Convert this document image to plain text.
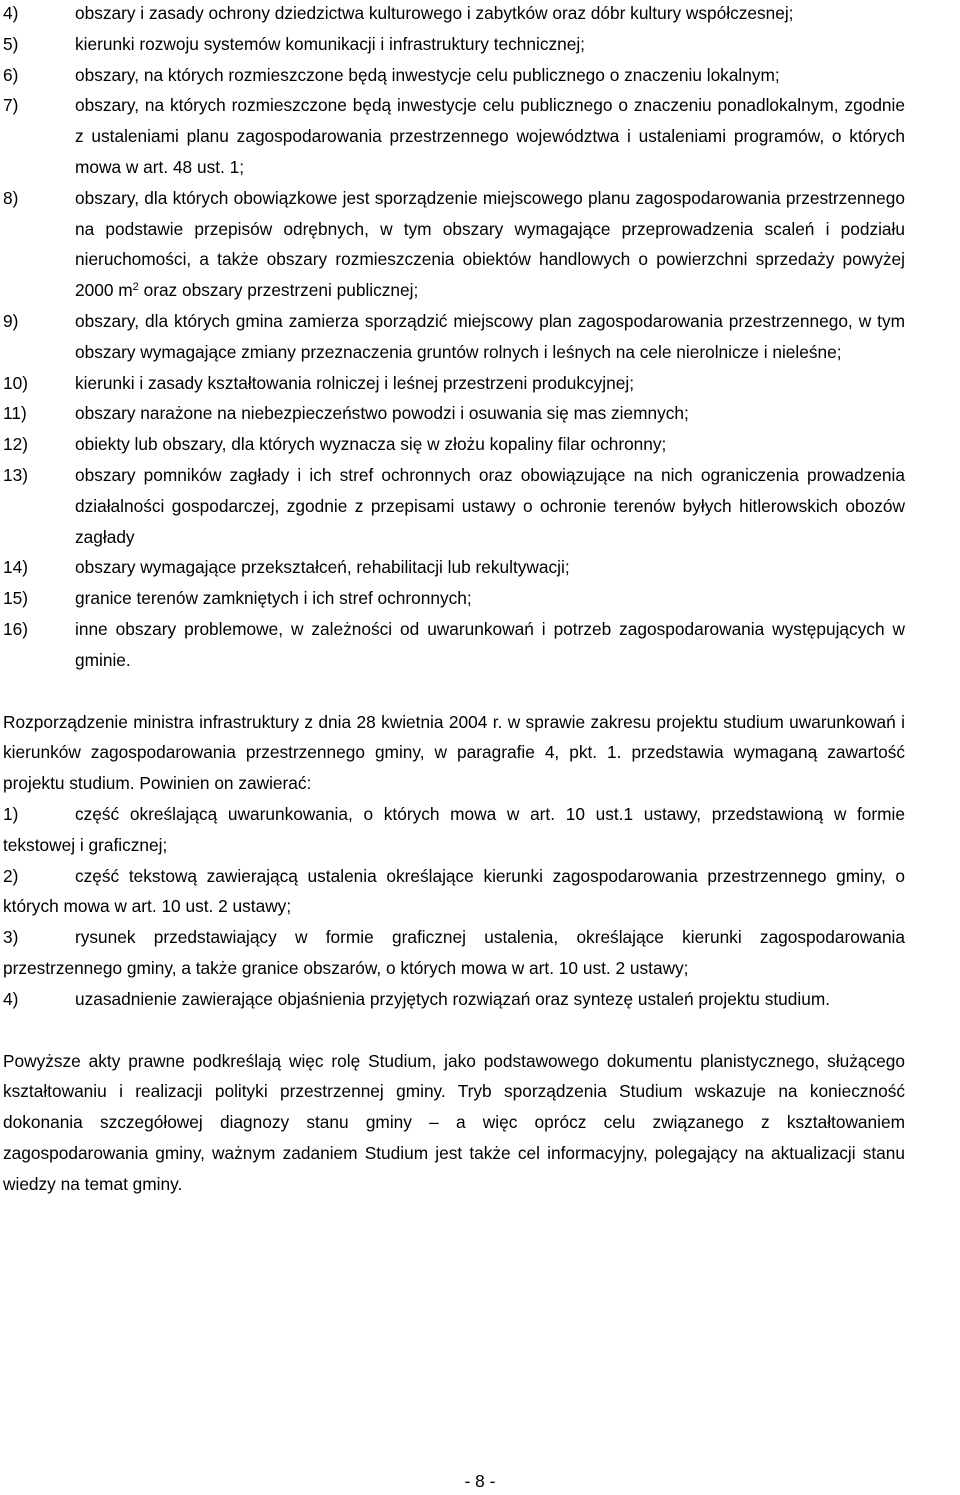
4)	obszary i zasady ochrony dziedzictwa kulturowego i zabytków oraz dóbr kultury współczesnej;
5)	kierunki rozwoju systemów komunikacji i infrastruktury technicznej;
6)	obszary, na których rozmieszczone będą inwestycje celu publicznego o znaczeniu lokalnym;
7)	obszary, na których rozmieszczone będą inwestycje celu publicznego o znaczeniu ponadlokalnym, zgodnie z ustaleniami planu zagospodarowania przestrzennego województwa i ustaleniami programów, o których mowa w art. 48 ust. 1;
8)	obszary, dla których obowiązkowe jest sporządzenie miejscowego planu zagospodarowania przestrzennego na podstawie przepisów odrębnych, w tym obszary wymagające przeprowadzenia scaleń i podziału nieruchomości, a także obszary rozmieszczenia obiektów handlowych o powierzchni sprzedaży powyżej 2000 $m^2$ oraz obszary przestrzeni publicznej;
9)	obszary, dla których gmina zamierza sporządzić miejscowy plan zagospodarowania przestrzennego, w tym obszary wymagające zmiany przeznaczenia gruntów rolnych i leśnych na cele nierolnicze i nieleśne;
10)	kierunki i zasady kształtowania rolniczej i leśnej przestrzeni produkcyjnej;
11)	obszary narażone na niebezpieczeństwo powodzi i osuwania się mas ziemnych;
12)	obiekty lub obszary, dla których wyznacza się w złożu kopaliny filar ochronny;
13)	obszary pomników zagłady i ich stref ochronnych oraz obowiązujące na nich ograniczenia prowadzenia działalności gospodarczej, zgodnie z przepisami ustawy o ochronie terenów byłych hitlerowskich obozów zagłady
14)	obszary wymagające przekształceń, rehabilitacji lub rekultywacji;
15)	granice terenów zamkniętych i ich stref ochronnych;
16)	inne obszary problemowe, w zależności od uwarunkowań i potrzeb zagospodarowania występujących w gminie.

Rozporządzenie ministra infrastruktury z dnia 28 kwietnia 2004 r. w sprawie zakresu projektu studium uwarunkowań i kierunków zagospodarowania przestrzennego gminy, w paragrafie 4, pkt. 1. przedstawia wymaganą zawartość projektu studium. Powinien on zawierać:

1)	część określającą uwarunkowania, o których mowa w art. 10 ust.1 ustawy, przedstawioną w formie tekstowej i graficznej;
2)	część tekstową zawierającą ustalenia określające kierunki zagospodarowania przestrzennego gminy, o których mowa w art. 10 ust. 2 ustawy;
3)	rysunek przedstawiający w formie graficznej ustalenia, określające kierunki zagospodarowania przestrzennego gminy, a także granice obszarów, o których mowa w art. 10 ust. 2 ustawy;
4)	uzasadnienie zawierające objaśnienia przyjętych rozwiązań oraz syntezę ustaleń projektu studium.

Powyższe akty prawne podkreślają więc rolę Studium, jako podstawowego dokumentu planistycznego, służącego kształtowaniu i realizacji polityki przestrzennej gminy. Tryb sporządzenia Studium wskazuje na konieczność dokonania szczegółowej diagnozy stanu gminy – a więc oprócz celu związanego z kształtowaniem zagospodarowania gminy, ważnym zadaniem Studium jest także cel informacyjny, polegający na aktualizacji stanu wiedzy na temat gminy.

- 8 -
